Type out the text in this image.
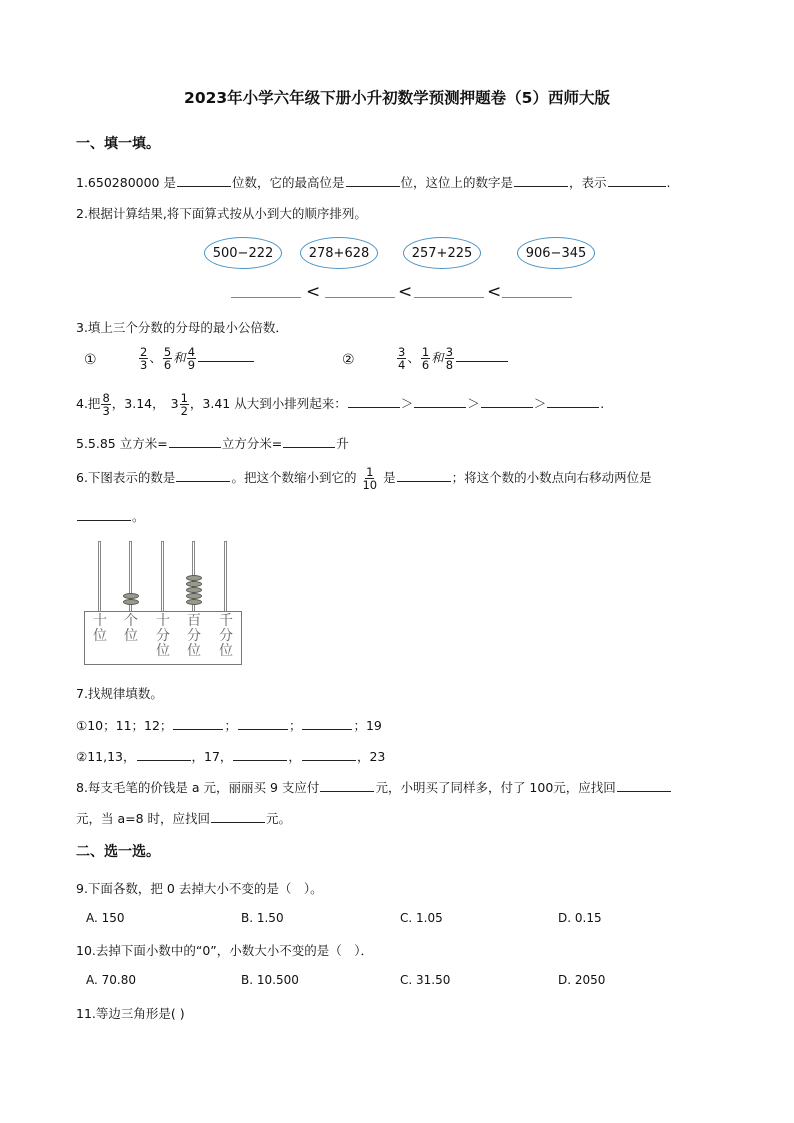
2023年小学六年级下册小升初数学预测押题卷（5）西师大版
一、填一填。
1.650280000 是	位数，它的最高位是	位，这位上的数字是	，表示	.
2.根据计算结果,将下面算式按从小到大的顺序排列。
500−222	278+628	257+225	906−345
<	<	<
3.填上三个分数的分母的最小公倍数．
①	$\frac{2}{3}$ 、 $\frac{5}{6}$ 和 $\frac{4}{9}$	②	$\frac{3}{4}$ 、 $\frac{1}{6}$ 和 $\frac{3}{8}$
4.把 $\frac{8}{3}$ ，3.14， $3 \frac{1}{2}$ ，3.41 从大到小排列起来：	＞	＞	＞	.
5.5.85 立方米=	立方分米=	升
6.下图表示的数是	。把这个数缩小到它的 $\frac{1}{10}$ 是	；将这个数的小数点向右移动两位是
。
十
位
个
位
十
分
位
百
分
位
千
分
位
7.找规律填数。
①10；11；12；	；	；	；19
②11,13，	，17，	，	，23
8.每支毛笔的价钱是 a 元，丽丽买 9 支应付	元，小明买了同样多，付了 100元，应找回
元，当 a=8 时，应找回	元。
二、选一选。
9.下面各数，把 0 去掉大小不变的是（　）。
A. 150	B. 1.50	C. 1.05	D. 0.15
10.去掉下面小数中的“0”，小数大小不变的是（　）．
A. 70.80	B. 10.500	C. 31.50	D. 2050
11.等边三角形是( )
